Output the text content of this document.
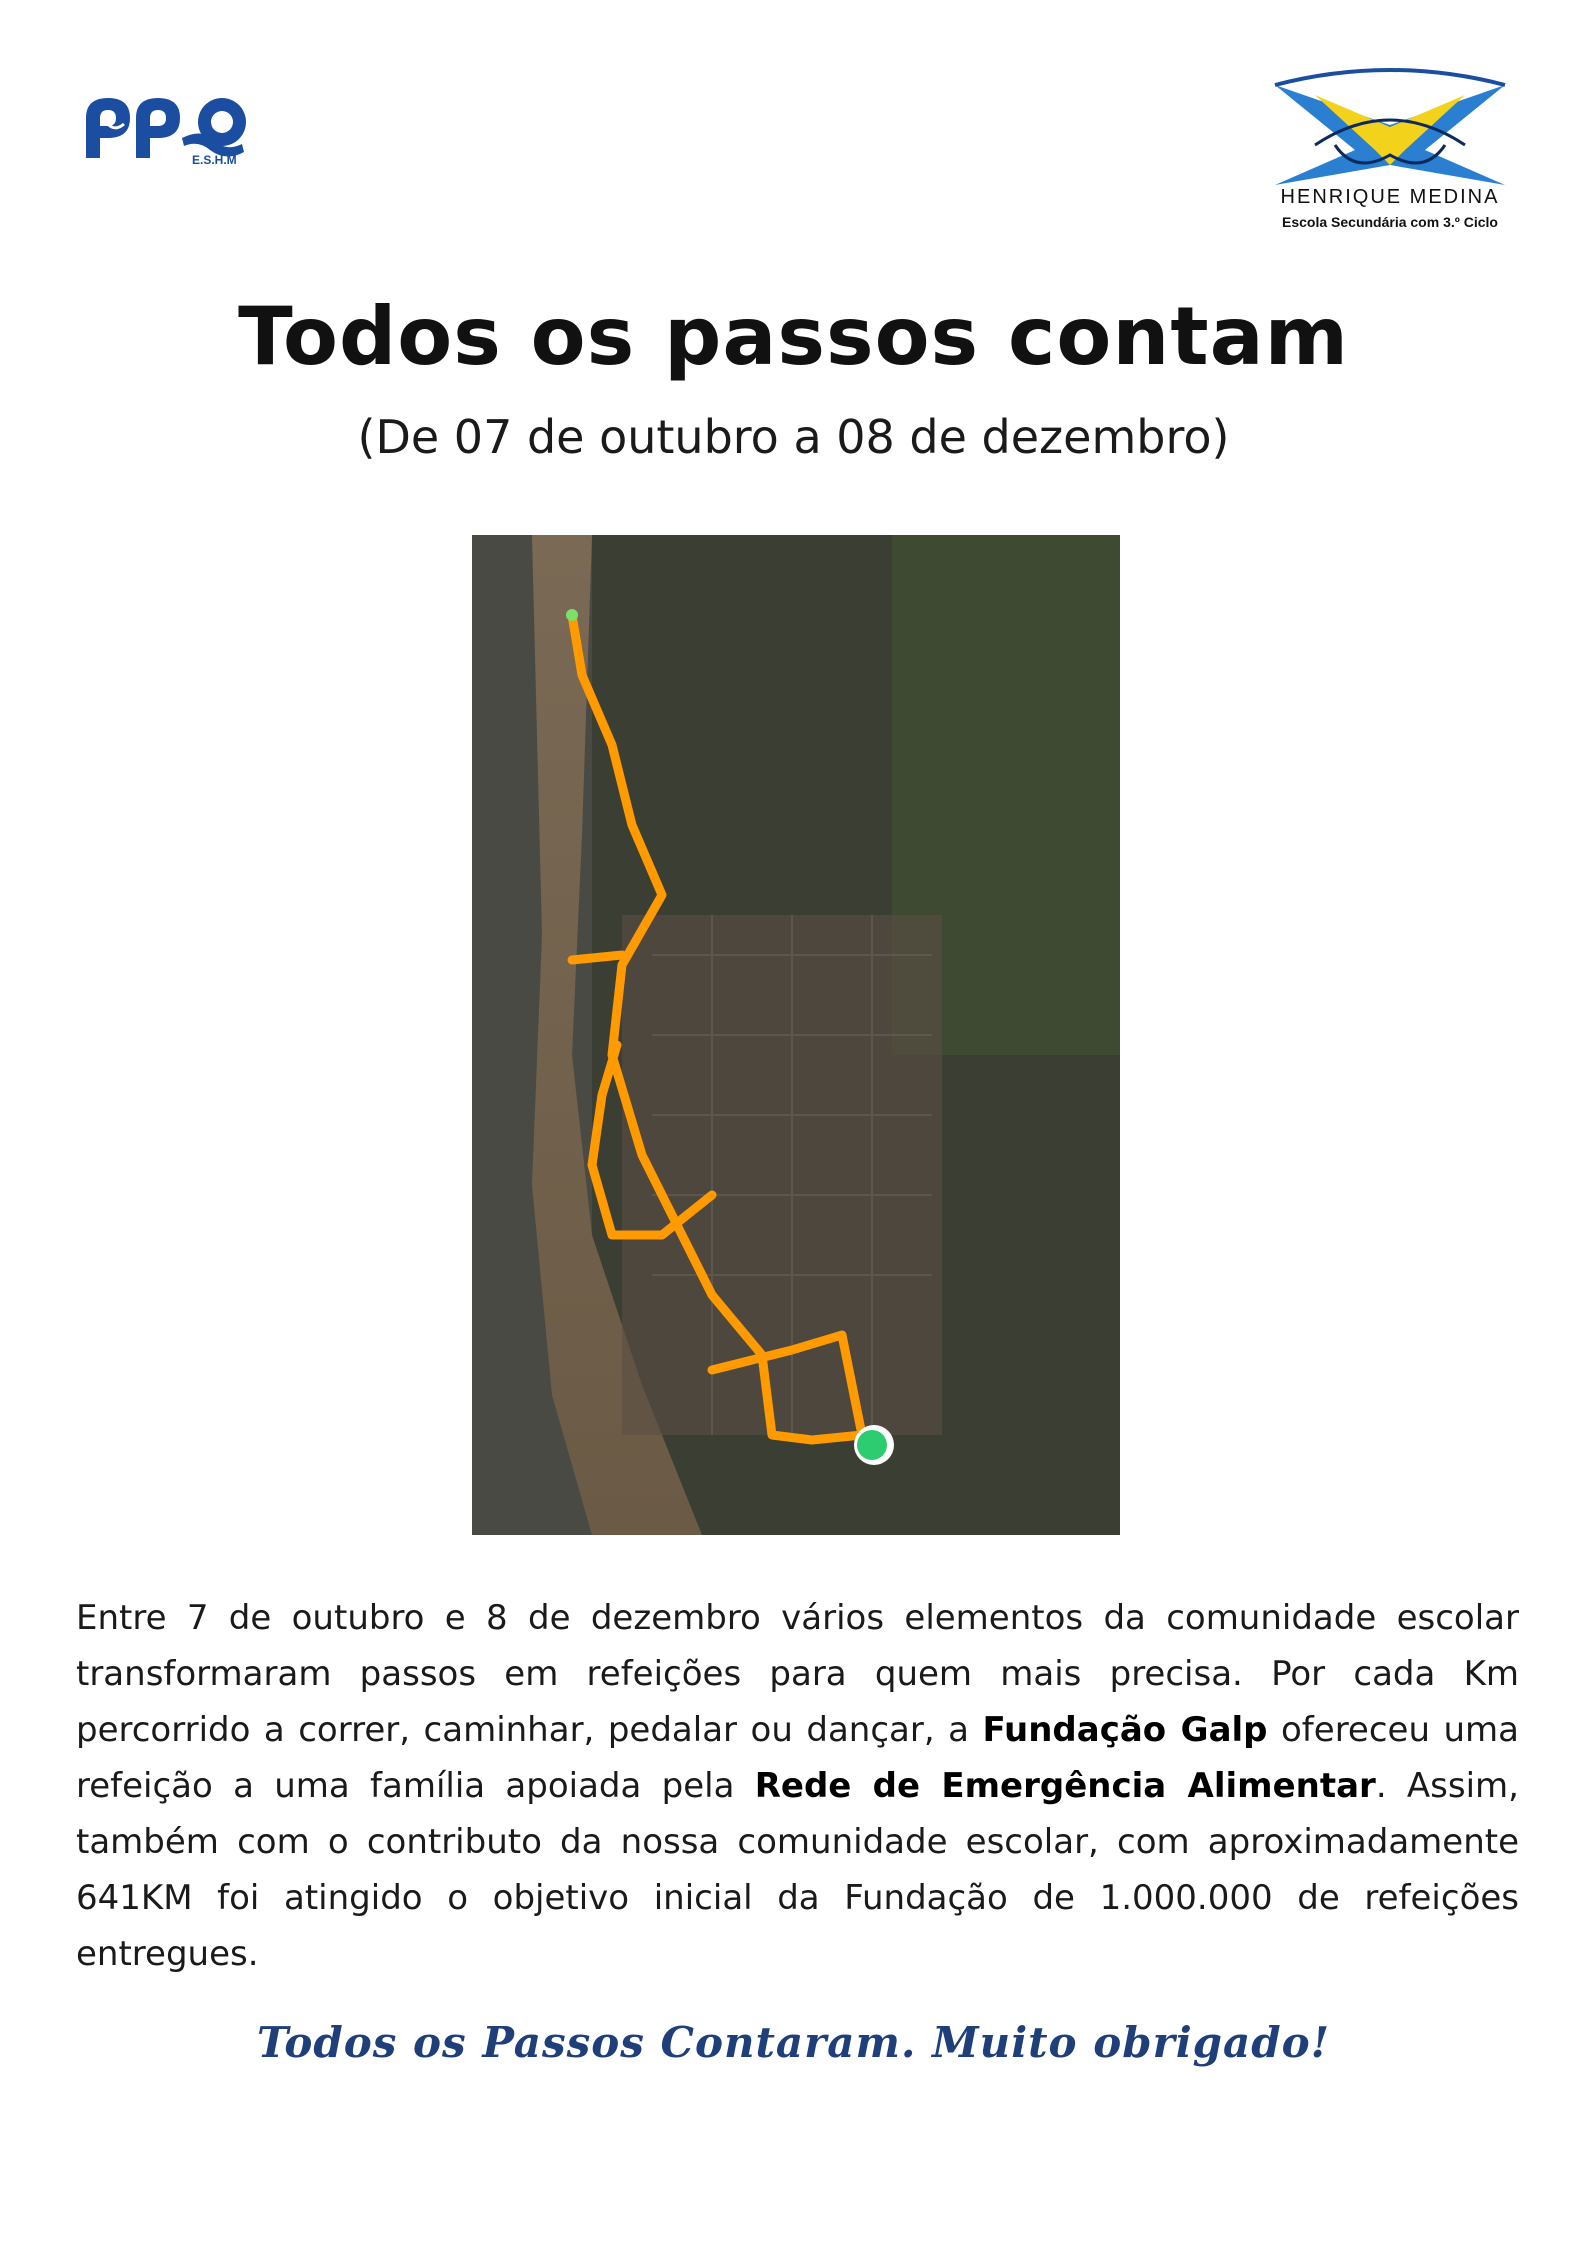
E.S.H.M
HENRIQUE MEDINA
Escola Secundária com 3.º Ciclo
Todos os passos contam
(De 07 de outubro a 08 de dezembro)
Entre 7 de outubro e 8 de dezembro vários elementos da comunidade escolar transformaram passos em refeições para quem mais precisa. Por cada Km percorrido a correr, caminhar, pedalar ou dançar, a Fundação Galp ofereceu uma refeição a uma família apoiada pela Rede de Emergência Alimentar. Assim, também com o contributo da nossa comunidade escolar, com aproximadamente 641KM foi atingido o objetivo inicial da Fundação de 1.000.000 de refeições entregues.
Todos os Passos Contaram. Muito obrigado!
